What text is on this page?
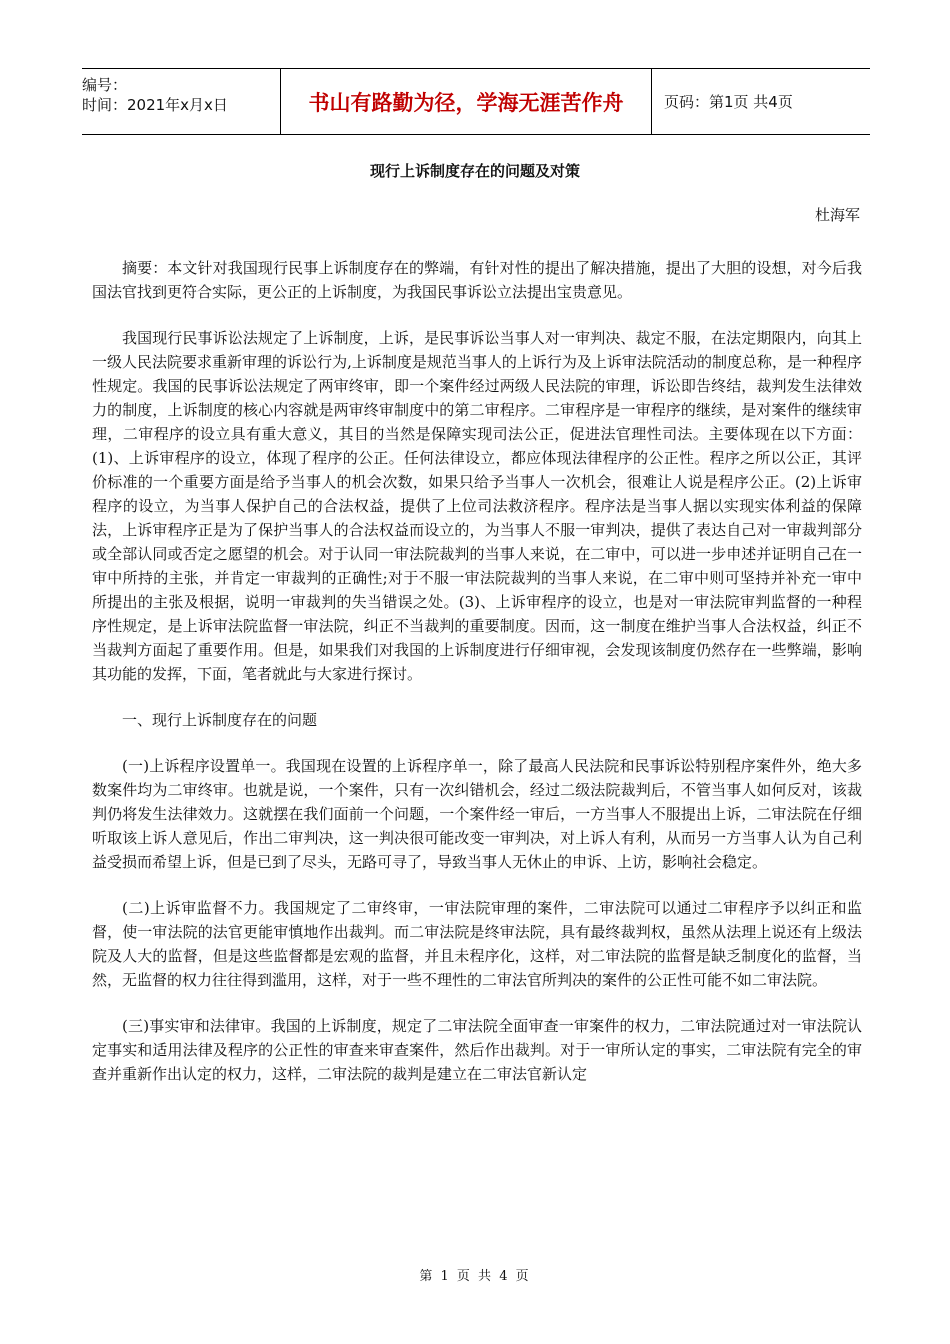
编号：
时间：2021年x月x日	书山有路勤为径，学海无涯苦作舟	页码：第1页 共4页
现行上诉制度存在的问题及对策
杜海军

摘要：本文针对我国现行民事上诉制度存在的弊端，有针对性的提出了解决措施，提出了大胆的设想，对今后我国法官找到更符合实际，更公正的上诉制度，为我国民事诉讼立法提出宝贵意见。

我国现行民事诉讼法规定了上诉制度，上诉，是民事诉讼当事人对一审判决、裁定不服，在法定期限内，向其上一级人民法院要求重新审理的诉讼行为,上诉制度是规范当事人的上诉行为及上诉审法院活动的制度总称，是一种程序性规定。我国的民事诉讼法规定了两审终审，即一个案件经过两级人民法院的审理，诉讼即告终结，裁判发生法律效力的制度，上诉制度的核心内容就是两审终审制度中的第二审程序。二审程序是一审程序的继续，是对案件的继续审理，二审程序的设立具有重大意义，其目的当然是保障实现司法公正，促进法官理性司法。主要体现在以下方面：(1)、上诉审程序的设立，体现了程序的公正。任何法律设立，都应体现法律程序的公正性。程序之所以公正，其评价标准的一个重要方面是给予当事人的机会次数，如果只给予当事人一次机会，很难让人说是程序公正。(2)上诉审程序的设立，为当事人保护自己的合法权益，提供了上位司法救济程序。程序法是当事人据以实现实体利益的保障法，上诉审程序正是为了保护当事人的合法权益而设立的，为当事人不服一审判决，提供了表达自己对一审裁判部分或全部认同或否定之愿望的机会。对于认同一审法院裁判的当事人来说，在二审中，可以进一步申述并证明自己在一审中所持的主张，并肯定一审裁判的正确性;对于不服一审法院裁判的当事人来说，在二审中则可坚持并补充一审中所提出的主张及根据，说明一审裁判的失当错误之处。(3)、上诉审程序的设立，也是对一审法院审判监督的一种程序性规定，是上诉审法院监督一审法院，纠正不当裁判的重要制度。因而，这一制度在维护当事人合法权益，纠正不当裁判方面起了重要作用。但是，如果我们对我国的上诉制度进行仔细审视，会发现该制度仍然存在一些弊端，影响其功能的发挥，下面，笔者就此与大家进行探讨。

一、现行上诉制度存在的问题

(一)上诉程序设置单一。我国现在设置的上诉程序单一，除了最高人民法院和民事诉讼特别程序案件外，绝大多数案件均为二审终审。也就是说，一个案件，只有一次纠错机会，经过二级法院裁判后，不管当事人如何反对，该裁判仍将发生法律效力。这就摆在我们面前一个问题，一个案件经一审后，一方当事人不服提出上诉，二审法院在仔细听取该上诉人意见后，作出二审判决，这一判决很可能改变一审判决，对上诉人有利，从而另一方当事人认为自己利益受损而希望上诉，但是已到了尽头，无路可寻了，导致当事人无休止的申诉、上访，影响社会稳定。

(二)上诉审监督不力。我国规定了二审终审，一审法院审理的案件，二审法院可以通过二审程序予以纠正和监督，使一审法院的法官更能审慎地作出裁判。而二审法院是终审法院，具有最终裁判权，虽然从法理上说还有上级法院及人大的监督，但是这些监督都是宏观的监督，并且未程序化，这样，对二审法院的监督是缺乏制度化的监督，当然，无监督的权力往往得到滥用，这样，对于一些不理性的二审法官所判决的案件的公正性可能不如二审法院。

(三)事实审和法律审。我国的上诉制度，规定了二审法院全面审查一审案件的权力，二审法院通过对一审法院认定事实和适用法律及程序的公正性的审查来审查案件，然后作出裁判。对于一审所认定的事实，二审法院有完全的审查并重新作出认定的权力，这样，二审法院的裁判是建立在二审法官新认定

第 1 页 共 4 页
